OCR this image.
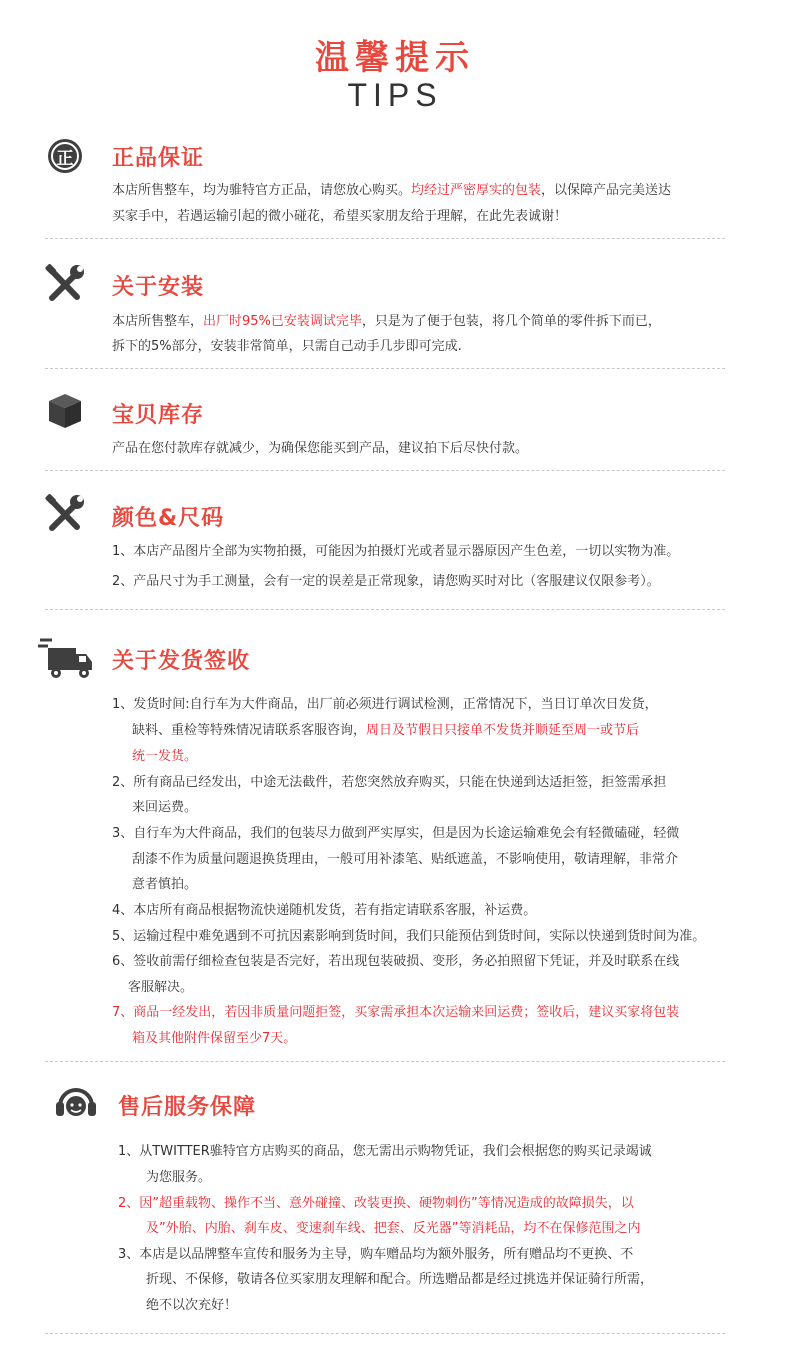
温馨提示
TIPS
正	正品保证
本店所售整车，均为骓特官方正品，请您放心购买。均经过严密厚实的包装，以保障产品完美送达
买家手中，若遇运输引起的微小碰花，希望买家朋友给于理解，在此先表诚谢！
关于安装
本店所售整车，出厂时95%已安装调试完毕，只是为了便于包装，将几个简单的零件拆下而已，
拆下的5%部分，安装非常简单，只需自己动手几步即可完成.
宝贝库存
产品在您付款库存就减少，为确保您能买到产品，建议拍下后尽快付款。
颜色&尺码
1、本店产品图片全部为实物拍摄，可能因为拍摄灯光或者显示器原因产生色差，一切以实物为准。
2、产品尺寸为手工测量，会有一定的误差是正常现象，请您购买时对比（客服建议仅限参考）。
关于发货签收
1、发货时间:自行车为大件商品，出厂前必须进行调试检测，正常情况下，当日订单次日发货，
缺料、重检等特殊情况请联系客服咨询，周日及节假日只接单不发货并顺延至周一或节后
统一发货。
2、所有商品已经发出，中途无法截件，若您突然放弃购买，只能在快递到达适拒签，拒签需承担
来回运费。
3、自行车为大件商品，我们的包装尽力做到严实厚实，但是因为长途运输难免会有轻微磕碰，轻微
刮漆不作为质量问题退换货理由，一般可用补漆笔、贴纸遮盖，不影响使用，敬请理解，非常介
意者慎拍。
4、本店所有商品根据物流快递随机发货，若有指定请联系客服，补运费。
5、运输过程中难免遇到不可抗因素影响到货时间，我们只能预估到货时间，实际以快递到货时间为准。
6、签收前需仔细检查包装是否完好，若出现包装破损、变形，务必拍照留下凭证，并及时联系在线
客服解决。
7、商品一经发出，若因非质量问题拒签，买家需承担本次运输来回运费；签收后，建议买家将包装
箱及其他附件保留至少7天。
售后服务保障
1、从TWITTER骓特官方店购买的商品，您无需出示购物凭证，我们会根据您的购买记录竭诚
为您服务。
2、因”超重载物、操作不当、意外碰撞、改装更换、硬物刺伤”等情况造成的故障损失，以
及”外胎、内胎、刹车皮、变速刹车线、把套、反光器”等消耗品，均不在保修范围之内
3、本店是以品牌整车宣传和服务为主导，购车赠品均为额外服务，所有赠品均不更换、不
折现、不保修，敬请各位买家朋友理解和配合。所选赠品都是经过挑选并保证骑行所需，
绝不以次充好！
